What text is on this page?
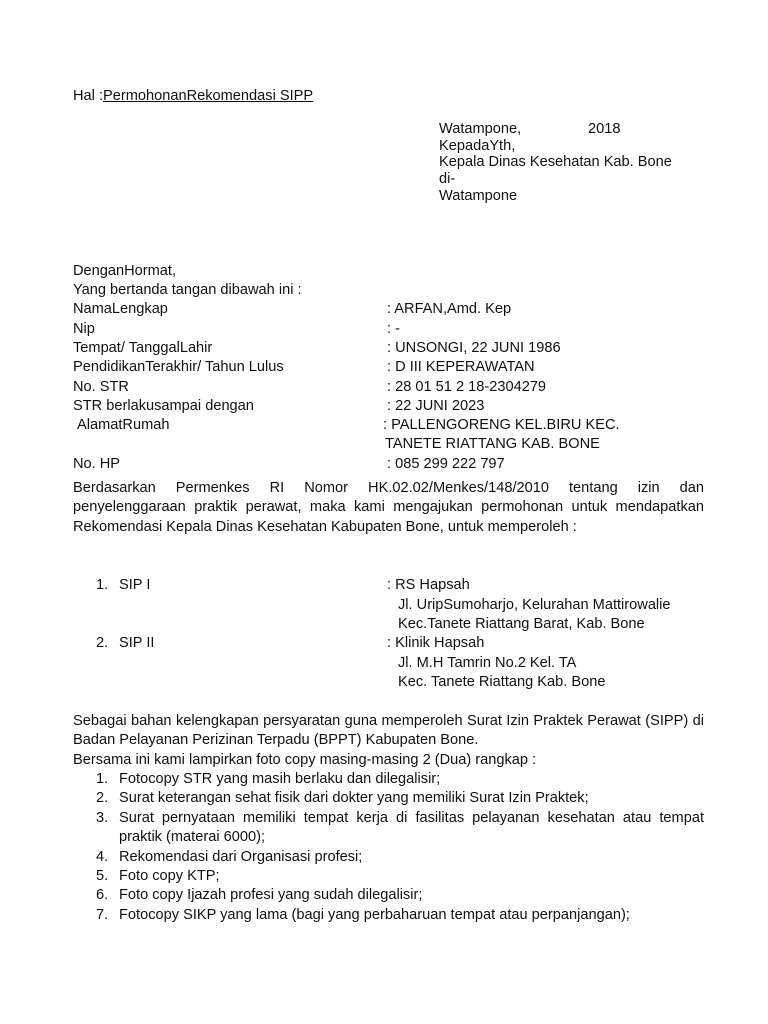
Hal :PermohonanRekomendasi SIPP
Watampone,	2018
KepadaYth,
Kepala Dinas Kesehatan Kab. Bone
di-
Watampone
DenganHormat,
Yang bertanda tangan dibawah ini :
NamaLengkap	: ARFAN,Amd. Kep
Nip	: -
Tempat/ TanggalLahir	: UNSONGI, 22 JUNI 1986
PendidikanTerakhir/ Tahun Lulus	: D III KEPERAWATAN
No. STR	: 28 01 51 2 18-2304279
STR berlakusampai dengan	: 22 JUNI 2023
AlamatRumah	: PALLENGORENG KEL.BIRU KEC.
TANETE RIATTANG KAB. BONE
No. HP	: 085 299 222 797
Berdasarkan Permenkes RI Nomor HK.02.02/Menkes/148/2010 tentang izin dan penyelenggaraan praktik perawat, maka kami mengajukan permohonan untuk mendapatkan Rekomendasi Kepala Dinas Kesehatan Kabupaten Bone, untuk memperoleh :
1. SIP I	: RS Hapsah
Jl. UripSumoharjo, Kelurahan Mattirowalie
Kec.Tanete Riattang Barat, Kab. Bone
2. SIP II	: Klinik Hapsah
Jl. M.H Tamrin No.2 Kel. TA
Kec. Tanete Riattang Kab. Bone
Sebagai bahan kelengkapan persyaratan guna memperoleh Surat Izin Praktek Perawat (SIPP) di Badan Pelayanan Perizinan Terpadu (BPPT) Kabupaten Bone.
Bersama ini kami lampirkan foto copy masing-masing 2 (Dua) rangkap :
1. Fotocopy STR yang masih berlaku dan dilegalisir;
2. Surat keterangan sehat fisik dari dokter yang memiliki Surat Izin Praktek;
3. Surat pernyataan memiliki tempat kerja di fasilitas pelayanan kesehatan atau tempat praktik (materai 6000);
4. Rekomendasi dari Organisasi profesi;
5. Foto copy KTP;
6. Foto copy Ijazah profesi yang sudah dilegalisir;
7. Fotocopy SIKP yang lama (bagi yang perbaharuan tempat atau perpanjangan);
